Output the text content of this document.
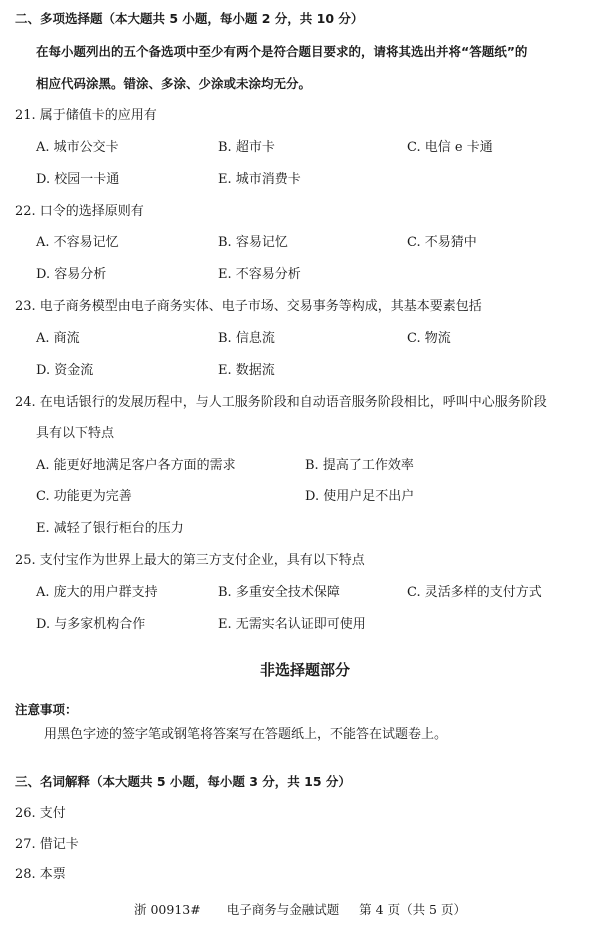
二、多项选择题（本大题共 5 小题，每小题 2 分，共 10 分）
在每小题列出的五个备选项中至少有两个是符合题目要求的，请将其选出并将“答题纸”的
相应代码涂黑。错涂、多涂、少涂或未涂均无分。
21. 属于储值卡的应用有
A. 城市公交卡	B. 超市卡	C. 电信 e 卡通
D. 校园一卡通	E. 城市消费卡
22. 口令的选择原则有
A. 不容易记忆	B. 容易记忆	C. 不易猜中
D. 容易分析	E. 不容易分析
23. 电子商务模型由电子商务实体、电子市场、交易事务等构成，其基本要素包括
A. 商流	B. 信息流	C. 物流
D. 资金流	E. 数据流
24. 在电话银行的发展历程中，与人工服务阶段和自动语音服务阶段相比，呼叫中心服务阶段
具有以下特点
A. 能更好地满足客户各方面的需求	B. 提高了工作效率
C. 功能更为完善	D. 使用户足不出户
E. 减轻了银行柜台的压力
25. 支付宝作为世界上最大的第三方支付企业，具有以下特点
A. 庞大的用户群支持	B. 多重安全技术保障	C. 灵活多样的支付方式
D. 与多家机构合作	E. 无需实名认证即可使用
非选择题部分
注意事项：
用黑色字迹的签字笔或钢笔将答案写在答题纸上，不能答在试题卷上。
三、名词解释（本大题共 5 小题，每小题 3 分，共 15 分）
26. 支付
27. 借记卡
28. 本票
浙 00913# 电子商务与金融试题 第 4 页（共 5 页）
